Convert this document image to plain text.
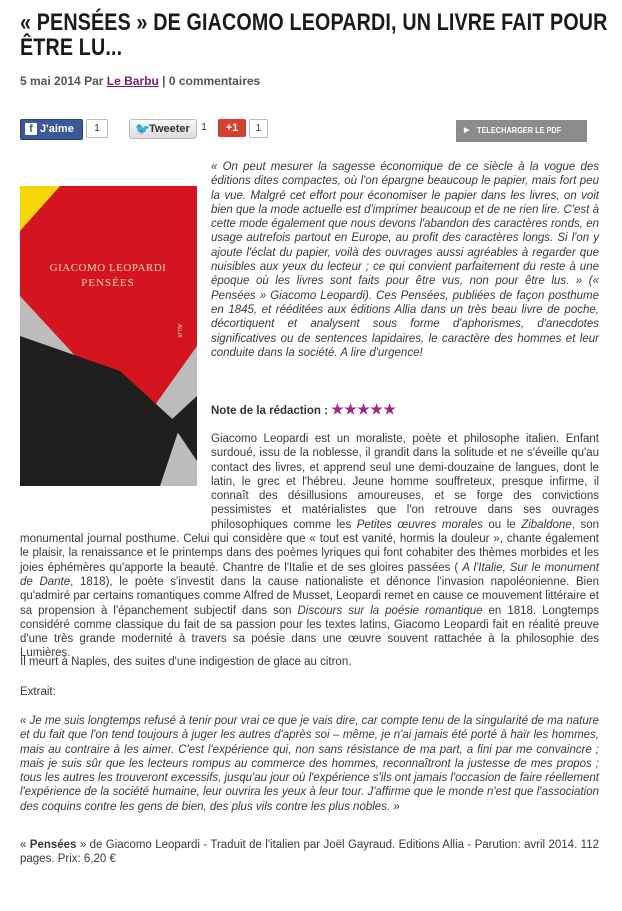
« PENSÉES » DE GIACOMO LEOPARDI, UN LIVRE FAIT POUR ÊTRE LU...
5 mai 2014 Par Le Barbu | 0 commentaires
f J'aime	1	🐦 Tweeter	1	+1	1	▶ TELECHARGER LE PDF
GIACOMO LEOPARDI
PENSÉES
ALLIA

« On peut mesurer la sagesse économique de ce siècle à la vogue des éditions dites compactes, où l'on épargne beaucoup le papier, mais fort peu la vue. Malgré cet effort pour économiser le papier dans les livres, on voit bien que la mode actuelle est d'imprimer beaucoup et de ne rien lire. C'est à cette mode également que nous devons l'abandon des caractères ronds, en usage autrefois partout en Europe, au profit des caractères longs. Si l'on y ajoute l'éclat du papier, voilà des ouvrages aussi agréables à regarder que nuisibles aux yeux du lecteur ; ce qui convient parfaitement du reste à une époque où les livres sont faits pour être vus, non pour être lus. » (« Pensées » Giacomo Leopardi). Ces Pensées, publiées de façon posthume en 1845, et rééditées aux éditions Allia dans un très beau livre de poche, décortiquent et analysent sous forme d'aphorismes, d'anecdotes significatives ou de sentences lapidaires, le caractère des hommes et leur conduite dans la société. A lire d'urgence!

Note de la rédaction : ★★★★★

Giacomo Leopardi est un moraliste, poète et philosophe italien. Enfant surdoué, issu de la noblesse, il grandit dans la solitude et ne s'éveille qu'au contact des livres, et apprend seul une demi-douzaine de langues, dont le latin, le grec et l'hébreu. Jeune homme souffreteux, presque infirme, il connaît des désillusions amoureuses, et se forge des convictions pessimistes et matérialistes que l'on retrouve dans ses ouvrages philosophiques comme les Petites œuvres morales ou le Zibaldone, son monumental journal posthume. Celui qui considère que « tout est vanité, hormis la douleur », chante également le plaisir, la renaissance et le printemps dans des poèmes lyriques qui font cohabiter des thèmes morbides et les joies éphémères qu'apporte la beauté. Chantre de l'Italie et de ses gloires passées ( A l'Italie, Sur le monument de Dante, 1818), le poète s'investit dans la cause nationaliste et dénonce l'invasion napoléonienne. Bien qu'admiré par certains romantiques comme Alfred de Musset, Leopardi remet en cause ce mouvement littéraire et sa propension à l'épanchement subjectif dans son Discours sur la poésie romantique en 1818. Longtemps considéré comme classique du fait de sa passion pour les textes latins, Giacomo Leopardi fait en réalité preuve d'une très grande modernité à travers sa poésie dans une œuvre souvent rattachée à la philosophie des Lumières.

Il meurt à Naples, des suites d'une indigestion de glace au citron.
Extrait:

« Je me suis longtemps refusé à tenir pour vrai ce que je vais dire, car compte tenu de la singularité de ma nature et du fait que l'on tend toujours à juger les autres d'après soi – même, je n'ai jamais été porté à haïr les hommes, mais au contraire à les aimer. C'est l'expérience qui, non sans résistance de ma part, a fini par me convaincre ; mais je suis sûr que les lecteurs rompus au commerce des hommes, reconnaîtront la justesse de mes propos ; tous les autres les trouveront excessifs, jusqu'au jour où l'expérience s'ils ont jamais l'occasion de faire réellement l'expérience de la société humaine, leur ouvrira les yeux à leur tour. J'affirme que le monde n'est que l'association des coquins contre les gens de bien, des plus vils contre les plus nobles. »

« Pensées » de Giacomo Leopardi - Traduit de l'italien par Joël Gayraud. Editions Allia - Parution: avril 2014. 112 pages. Prix: 6,20 €
